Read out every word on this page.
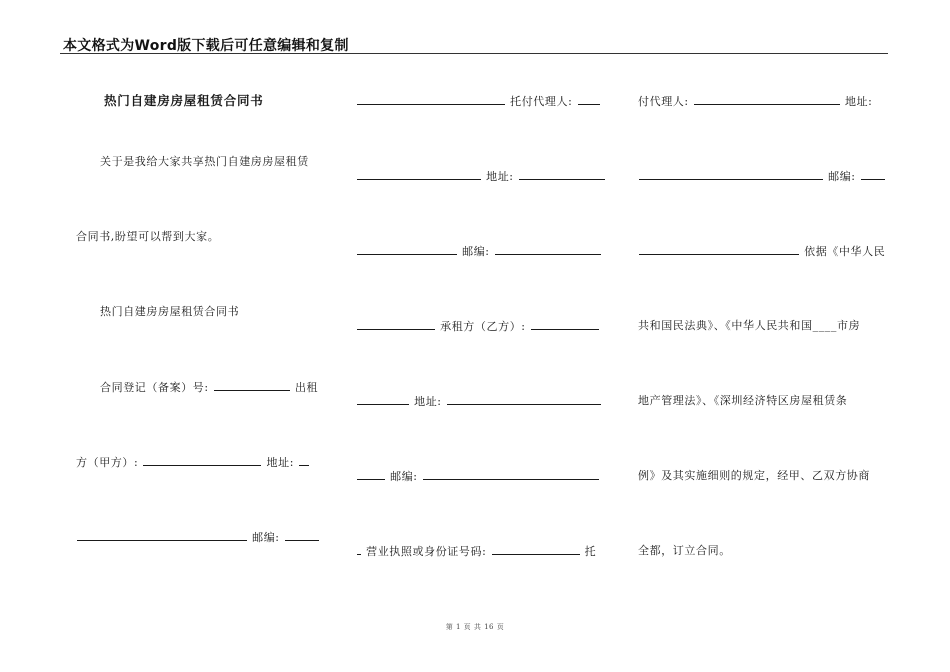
本文格式为Word版下载后可任意编辑和复制
热门自建房房屋租赁合同书
关于是我给大家共享热门自建房房屋租赁
合同书,盼望可以帮到大家。
热门自建房房屋租赁合同书
合同登记（备案）号:	出租
方（甲方）:	地址:
邮编:
托付代理人:
地址:
邮编:
承租方（乙方）:
地址:
邮编:
营业执照或身份证号码:	托
付代理人:	地址:
邮编:
依据《中华人民
共和国民法典》、《中华人民共和国____市房
地产管理法》、《深圳经济特区房屋租赁条
例》及其实施细则的规定，经甲、乙双方协商
全都，订立合同。
第 1 页 共 16 页
